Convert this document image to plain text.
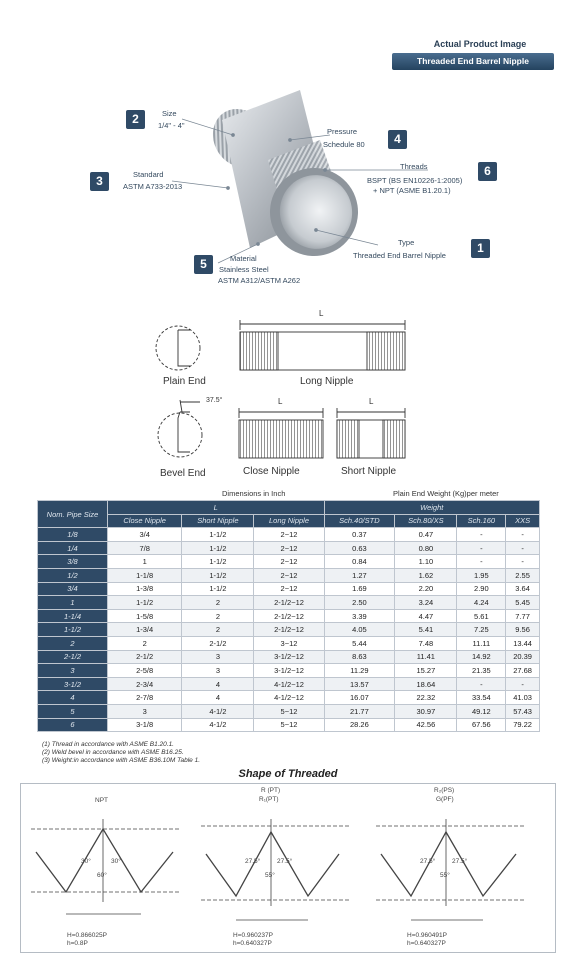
Actual Product Image
Threaded End Barrel Nipple
2	Size
1/4" - 4"
4
Pressure
Schedule 80
3	Standard
ASTM A733-2013
6
Threads
BSPT (BS EN10226-1:2005)
+ NPT (ASME B1.20.1)
1
Type
Threaded End Barrel Nipple
5	Material
Stainless Steel
ASTM A312/ASTM A262
Plain End	Long Nipple
Bevel End	Close Nipple	Short Nipple
L
L	L
37.5°
Dimensions in Inch	Plain End Weight (Kg)per meter
Nom. Pipe Size	L			Weight			
	Close Nipple	Short Nipple	Long Nipple	Sch.40/STD	Sch.80/XS	Sch.160	XXS
1/8	3/4	1-1/2	2~12	0.37	0.47	-	-
1/4	7/8	1-1/2	2~12	0.63	0.80	-	-
3/8	1	1-1/2	2~12	0.84	1.10	-	-
1/2	1-1/8	1-1/2	2~12	1.27	1.62	1.95	2.55
3/4	1-3/8	1-1/2	2~12	1.69	2.20	2.90	3.64
1	1-1/2	2	2-1/2~12	2.50	3.24	4.24	5.45
1-1/4	1-5/8	2	2-1/2~12	3.39	4.47	5.61	7.77
1-1/2	1-3/4	2	2-1/2~12	4.05	5.41	7.25	9.56
2	2	2-1/2	3~12	5.44	7.48	11.11	13.44
2-1/2	2-1/2	3	3-1/2~12	8.63	11.41	14.92	20.39
3	2-5/8	3	3-1/2~12	11.29	15.27	21.35	27.68
3-1/2	2-3/4	4	4-1/2~12	13.57	18.64	-	-
4	2-7/8	4	4-1/2~12	16.07	22.32	33.54	41.03
5	3	4-1/2	5~12	21.77	30.97	49.12	57.43
6	3-1/8	4-1/2	5~12	28.26	42.56	67.56	79.22
(1) Thread in accordance with ASME B1.20.1.
(2) Weld bevel in accordance with ASME B16.25.
(3) Weight:in accordance with ASME B36.10M Table 1.
Shape of Threaded
NPT
R (PT)
R₁(PT)
R₂(PS)
G(PF)
30°	30°
60°
27.5°	27.5°
55°
27.5°	27.5°
55°
H=0.866025P
h=0.8P
H=0.960237P
h=0.640327P
H=0.960491P
h=0.640327P
